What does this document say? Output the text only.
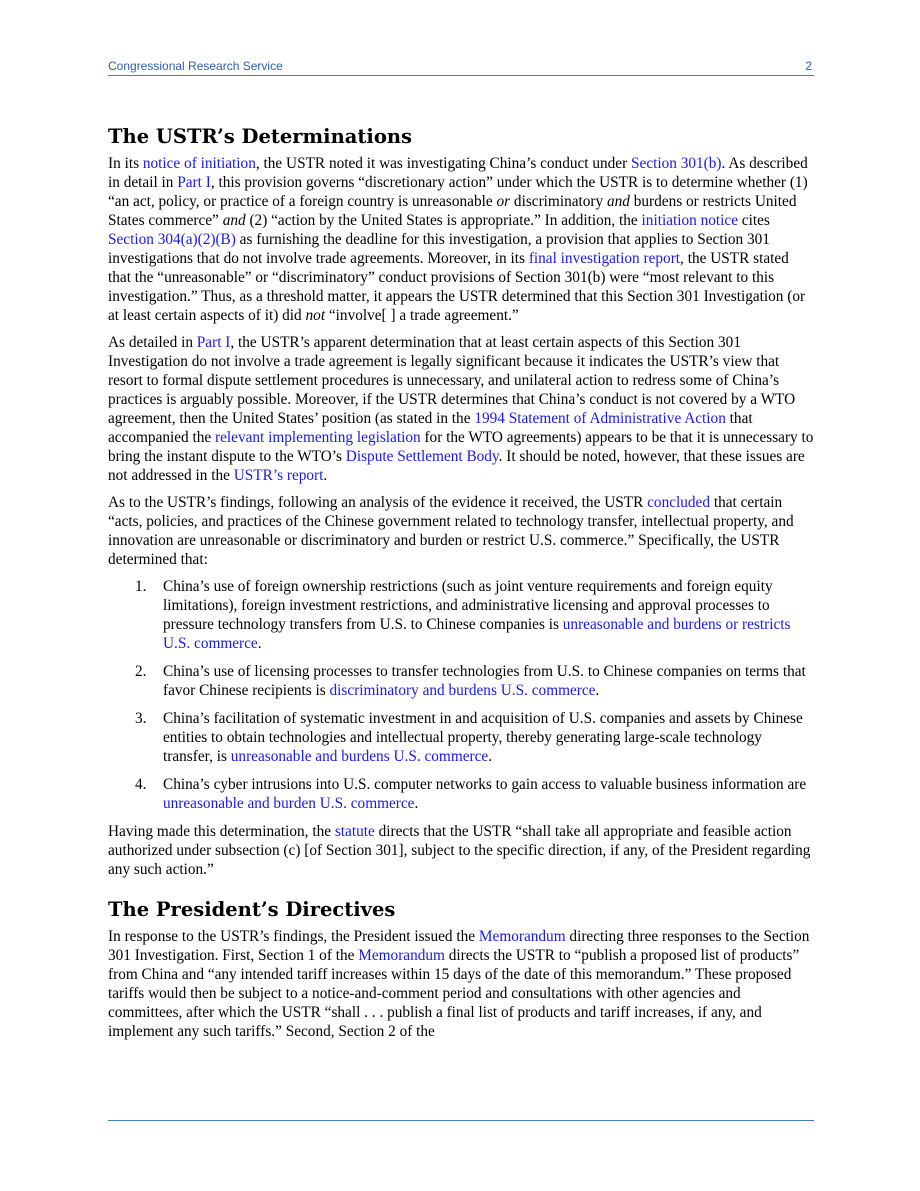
Congressional Research Service	2
The USTR’s Determinations

In its notice of initiation, the USTR noted it was investigating China’s conduct under Section 301(b). As described in detail in Part I, this provision governs “discretionary action” under which the USTR is to determine whether (1) “an act, policy, or practice of a foreign country is unreasonable or discriminatory and burdens or restricts United States commerce” and (2) “action by the United States is appropriate.” In addition, the initiation notice cites Section 304(a)(2)(B) as furnishing the deadline for this investigation, a provision that applies to Section 301 investigations that do not involve trade agreements. Moreover, in its final investigation report, the USTR stated that the “unreasonable” or “discriminatory” conduct provisions of Section 301(b) were “most relevant to this investigation.” Thus, as a threshold matter, it appears the USTR determined that this Section 301 Investigation (or at least certain aspects of it) did not “involve[ ] a trade agreement.”

As detailed in Part I, the USTR’s apparent determination that at least certain aspects of this Section 301 Investigation do not involve a trade agreement is legally significant because it indicates the USTR’s view that resort to formal dispute settlement procedures is unnecessary, and unilateral action to redress some of China’s practices is arguably possible. Moreover, if the USTR determines that China’s conduct is not covered by a WTO agreement, then the United States’ position (as stated in the 1994 Statement of Administrative Action that accompanied the relevant implementing legislation for the WTO agreements) appears to be that it is unnecessary to bring the instant dispute to the WTO’s Dispute Settlement Body. It should be noted, however, that these issues are not addressed in the USTR’s report.

As to the USTR’s findings, following an analysis of the evidence it received, the USTR concluded that certain “acts, policies, and practices of the Chinese government related to technology transfer, intellectual property, and innovation are unreasonable or discriminatory and burden or restrict U.S. commerce.” Specifically, the USTR determined that:

1. China’s use of foreign ownership restrictions (such as joint venture requirements and foreign equity limitations), foreign investment restrictions, and administrative licensing and approval processes to pressure technology transfers from U.S. to Chinese companies is unreasonable and burdens or restricts U.S. commerce.
2. China’s use of licensing processes to transfer technologies from U.S. to Chinese companies on terms that favor Chinese recipients is discriminatory and burdens U.S. commerce.
3. China’s facilitation of systematic investment in and acquisition of U.S. companies and assets by Chinese entities to obtain technologies and intellectual property, thereby generating large-scale technology transfer, is unreasonable and burdens U.S. commerce.
4. China’s cyber intrusions into U.S. computer networks to gain access to valuable business information are unreasonable and burden U.S. commerce.

Having made this determination, the statute directs that the USTR “shall take all appropriate and feasible action authorized under subsection (c) [of Section 301], subject to the specific direction, if any, of the President regarding any such action.”

The President’s Directives

In response to the USTR’s findings, the President issued the Memorandum directing three responses to the Section 301 Investigation. First, Section 1 of the Memorandum directs the USTR to “publish a proposed list of products” from China and “any intended tariff increases within 15 days of the date of this memorandum.” These proposed tariffs would then be subject to a notice-and-comment period and consultations with other agencies and committees, after which the USTR “shall . . . publish a final list of products and tariff increases, if any, and implement any such tariffs.” Second, Section 2 of the
